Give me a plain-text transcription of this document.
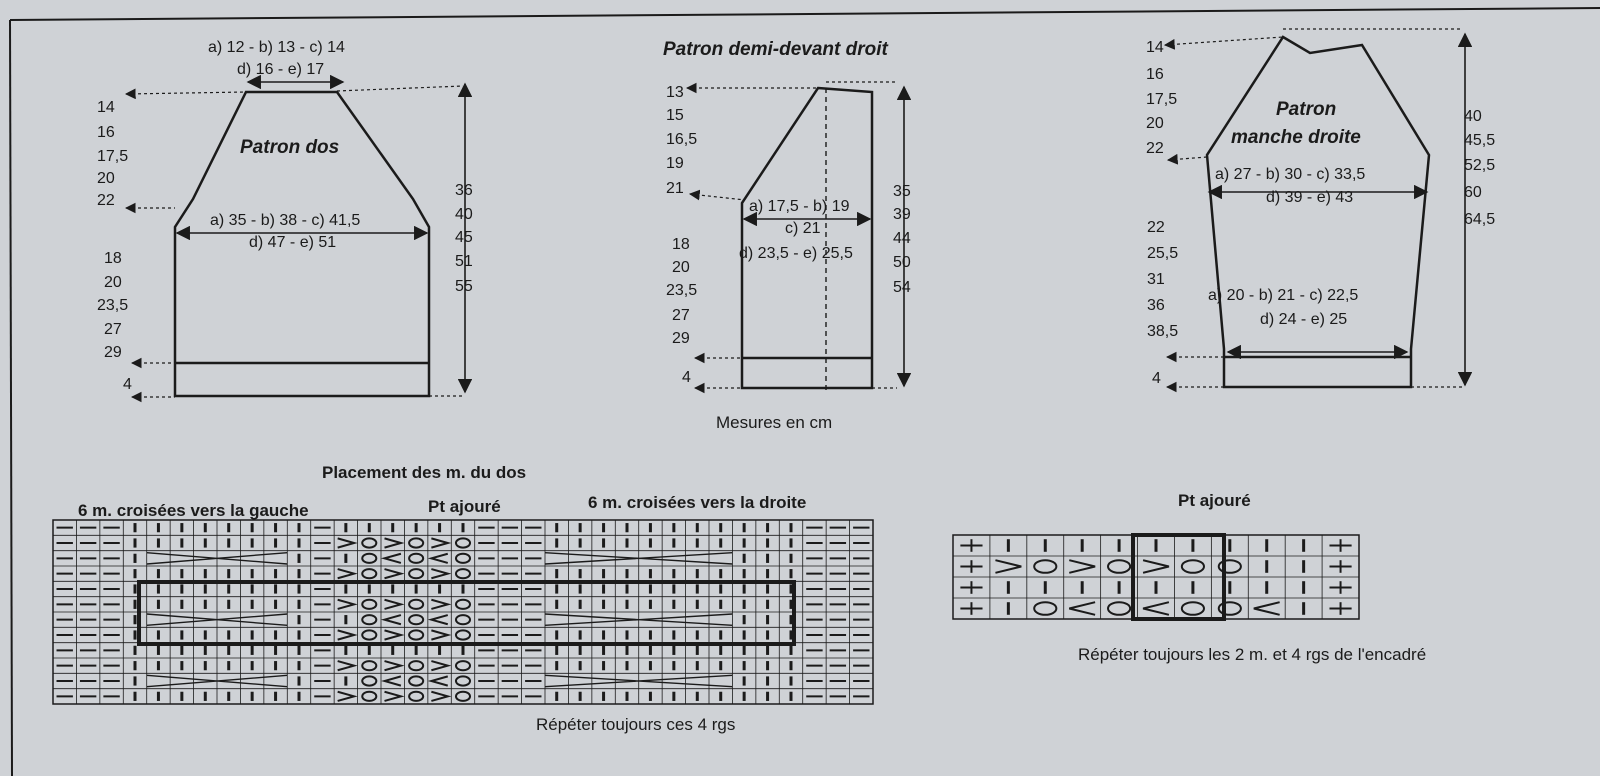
a) 12 - b) 13 - c) 14
d) 16 - e) 17
Patron dos
14
16
17,5
20
22
a) 35 - b) 38 - c) 41,5
d) 47 - e) 51
36
40
45
51
55
18
20
23,5
27
29
4
Patron demi-devant droit
13
15
16,5
19
21
a) 17,5 - b) 19
c) 21
d) 23,5 - e) 25,5
35
39
44
50
54
18
20
23,5
27
29
4
Mesures en cm
Patron
manche droite
14
16
17,5
20
22
a) 27 - b) 30 - c) 33,5
d) 39 - e) 43
40
45,5
52,5
60
64,5
22
25,5
31
36
38,5
a) 20 - b) 21 - c) 22,5
d) 24 - e) 25
4
Placement des m. du dos
6 m. croisées vers la gauche	Pt ajouré	6 m. croisées vers la droite
Répéter toujours ces 4 rgs
Pt ajouré
Répéter toujours les 2 m. et 4 rgs de l'encadré
